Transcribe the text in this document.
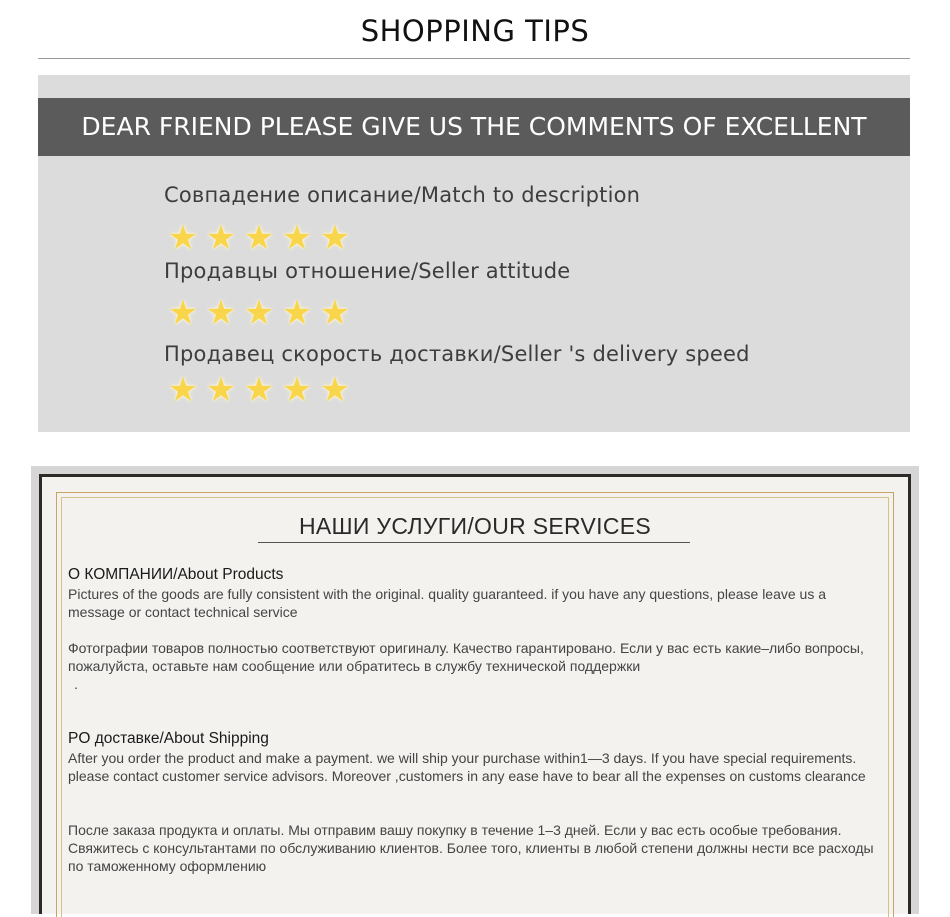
SHOPPING TIPS
DEAR FRIEND PLEASE GIVE US THE COMMENTS OF EXCELLENT
Совпадение описание/Match to description
★ ★ ★ ★ ★
Продавцы отношение/Seller attitude
★ ★ ★ ★ ★
Продавец скорость доставки/Seller 's delivery speed
★ ★ ★ ★ ★
НАШИ УСЛУГИ/OUR SERVICES
О КОМПАНИИ/About Products
Pictures of the goods are fully consistent with the original. quality guaranteed. if you have any questions, please leave us a message or contact technical service
Фотографии товаров полностью соответствуют оригиналу. Качество гарантировано. Если у вас есть какие–либо вопросы, пожалуйста, оставьте нам сообщение или обратитесь в службу технической поддержки
.
PO доставке/About Shipping
After you order the product and make a payment. we will ship your purchase within1—3 days. If you have special requirements. please contact customer service advisors. Moreover ,customers in any ease have to bear all the expenses on customs clearance
После заказа продукта и оплаты. Мы отправим вашу покупку в течение 1–3 дней. Если у вас есть особые требования. Свяжитесь с консультантами по обслуживанию клиентов. Более того, клиенты в любой степени должны нести все расходы по таможенному оформлению
